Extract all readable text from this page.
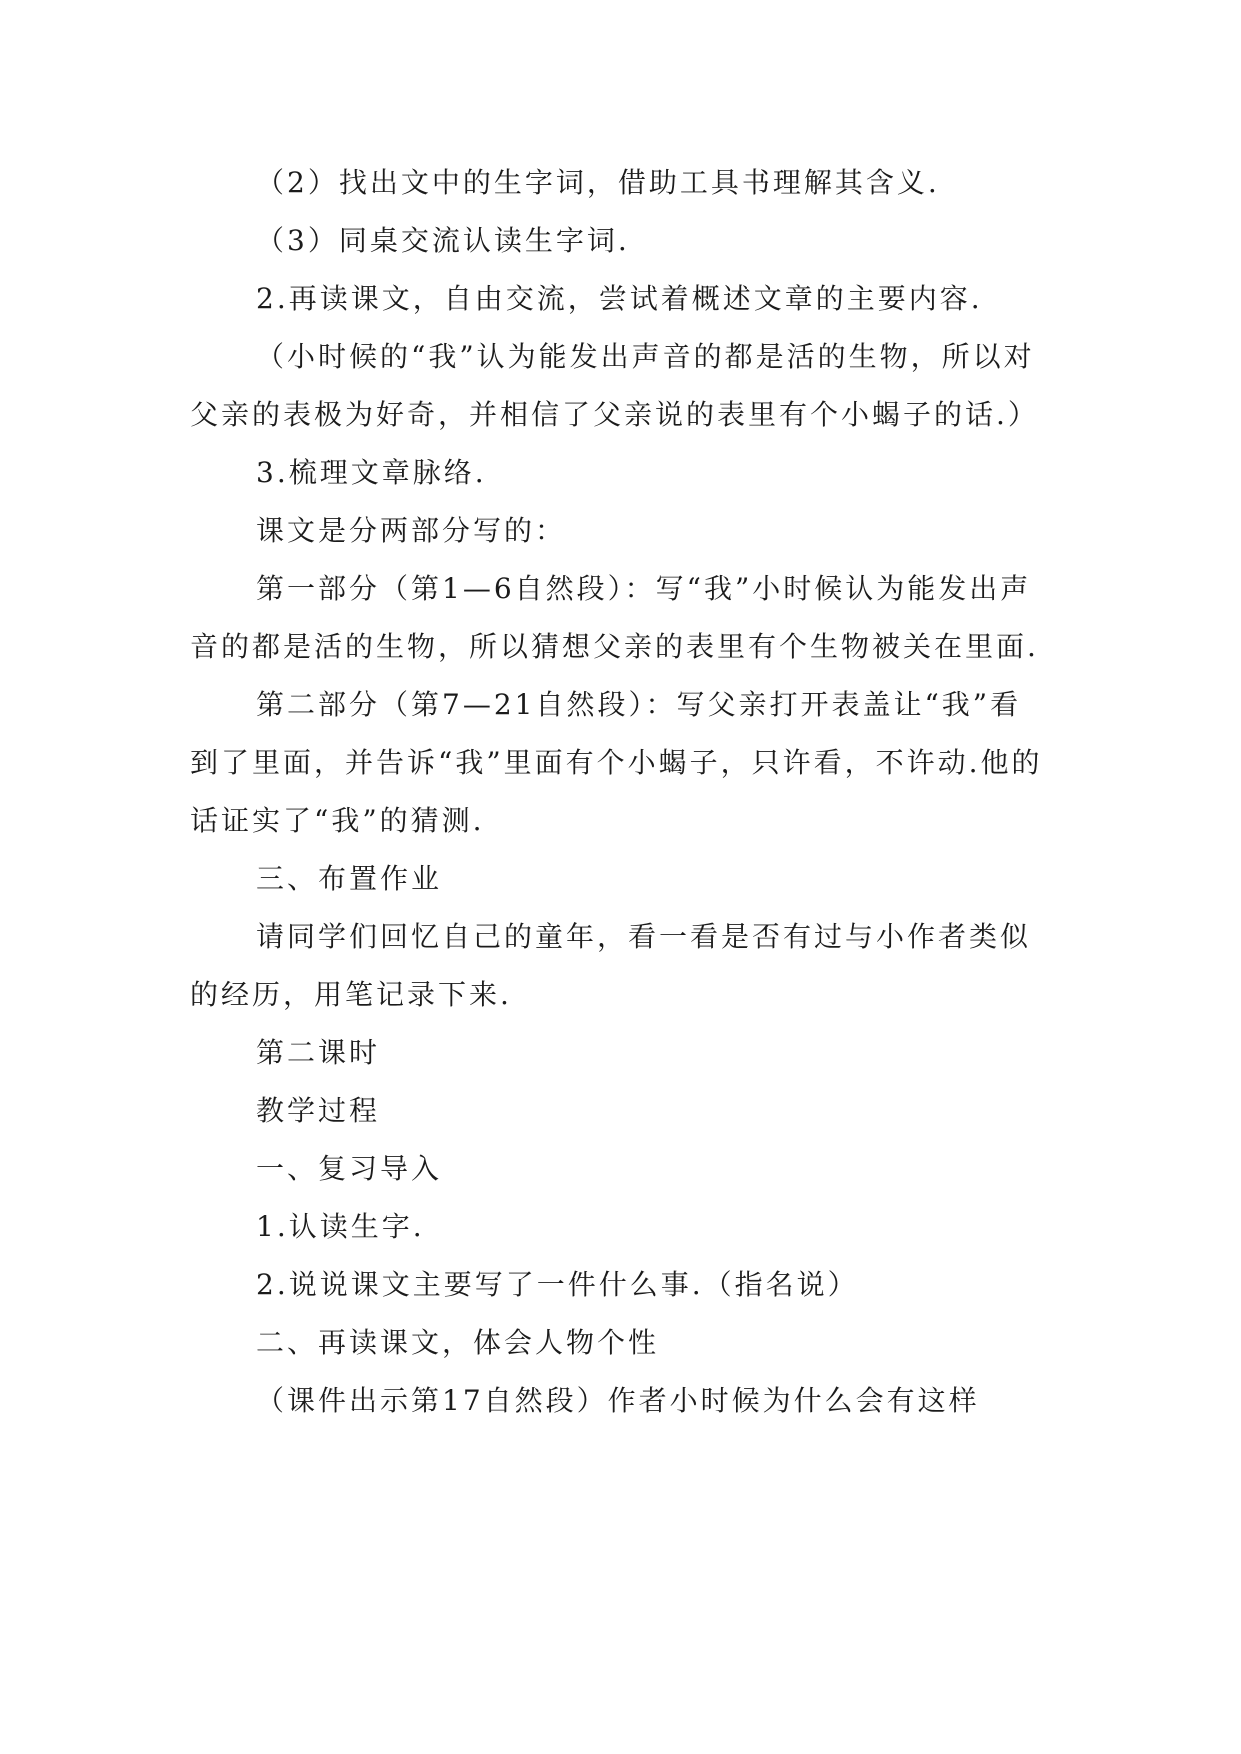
（2）找出文中的生字词，借助工具书理解其含义.

（3）同桌交流认读生字词.

2.再读课文，自由交流，尝试着概述文章的主要内容.

（小时候的“我”认为能发出声音的都是活的生物，所以对父亲的表极为好奇，并相信了父亲说的表里有个小蝎子的话.）

3.梳理文章脉络.

课文是分两部分写的：

第一部分（第1—6自然段）：写“我”小时候认为能发出声音的都是活的生物，所以猜想父亲的表里有个生物被关在里面.

第二部分（第7—21自然段）：写父亲打开表盖让“我”看到了里面，并告诉“我”里面有个小蝎子，只许看，不许动.他的话证实了“我”的猜测.

三、布置作业

请同学们回忆自己的童年，看一看是否有过与小作者类似的经历，用笔记录下来.

第二课时

教学过程

一、复习导入

1.认读生字.

2.说说课文主要写了一件什么事.（指名说）

二、再读课文，体会人物个性

（课件出示第17自然段）作者小时候为什么会有这样
